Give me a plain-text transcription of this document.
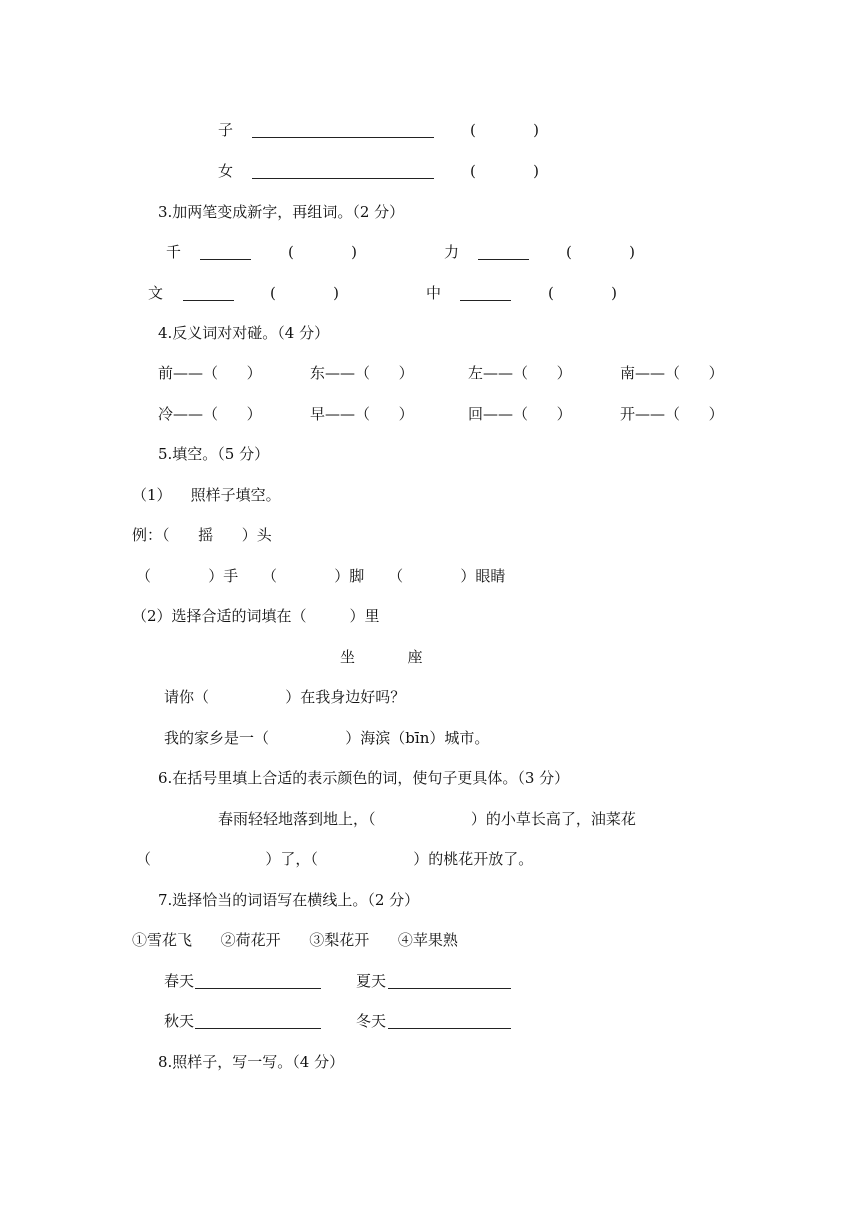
子	(            )
女	(            )
3.加两笔变成新字，再组词。（2 分）
千	(            )	力	(            )
文	(            )	中	(            )
4.反义词对对碰。（4 分）
前——（      ）	东——（      ）	左——（      ）	南——（      ）
冷——（      ）	早——（      ）	回——（      ）	开——（      ）
5.填空。（5 分）
（1）    照样子填空。
例：（      摇      ）头
（            ）手     （            ）脚     （            ）眼睛
（2）选择合适的词填在（         ）里
坐           座
请你（                ）在我身边好吗？
我的家乡是一（                ）海滨（bīn）城市。
6.在括号里填上合适的表示颜色的词，使句子更具体。（3 分）
春雨轻轻地落到地上，（                    ）的小草长高了，油菜花
（                        ）了，（                    ）的桃花开放了。
7.选择恰当的词语写在横线上。（2 分）
①雪花飞      ②荷花开      ③梨花开      ④苹果熟
春天	夏天
秋天	冬天
8.照样子，写一写。（4 分）
